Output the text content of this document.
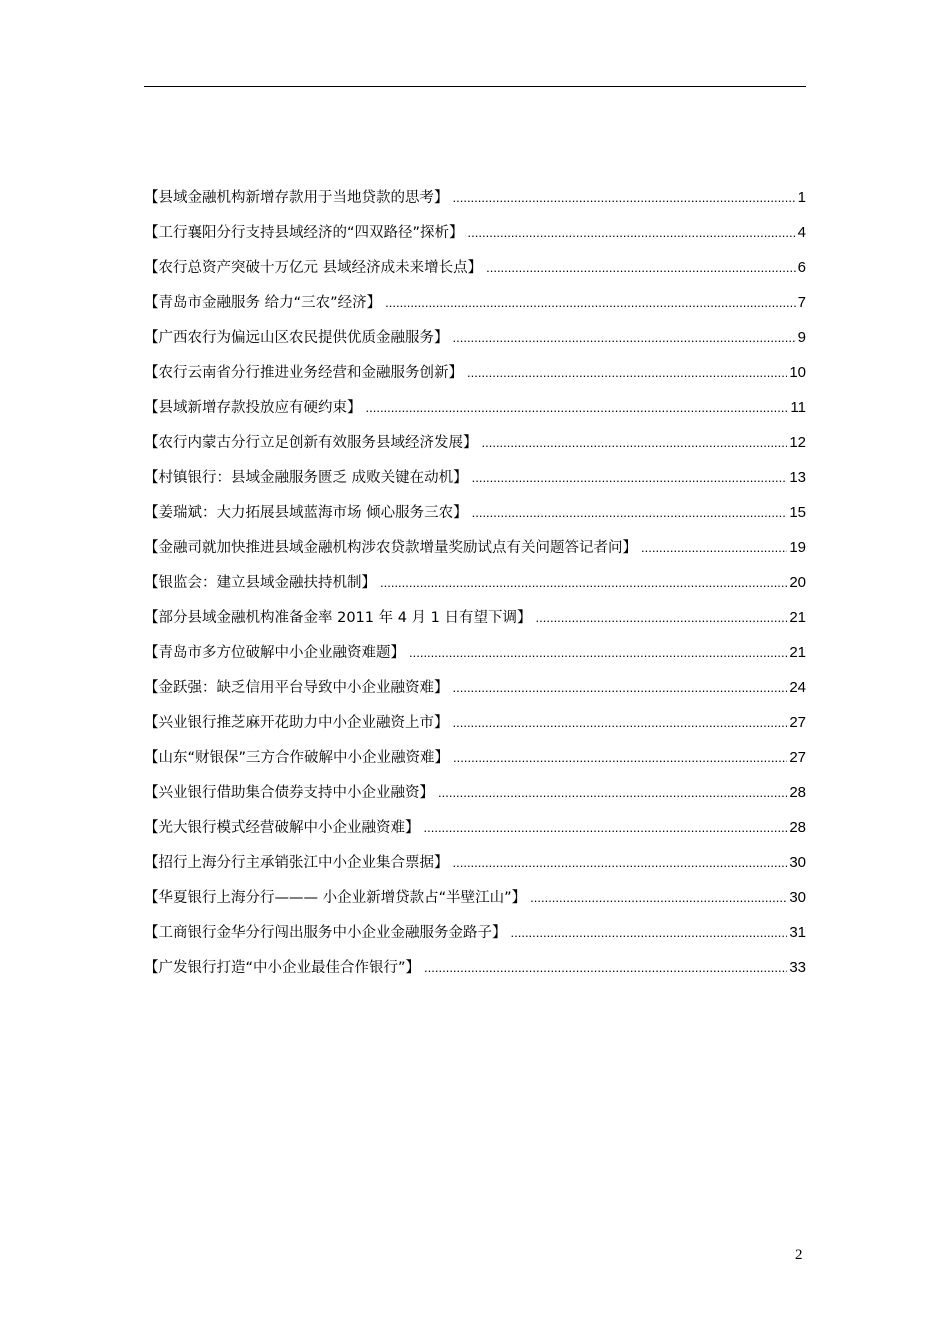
【县域金融机构新增存款用于当地贷款的思考】 .....	1
【工行襄阳分行支持县域经济的“四双路径”探析】 .....	4
【农行总资产突破十万亿元 县域经济成未来增长点】 .....	6
【青岛市金融服务 给力“三农”经济】 .....	7
【广西农行为偏远山区农民提供优质金融服务】 .....	9
【农行云南省分行推进业务经营和金融服务创新】 .....	10
【县域新增存款投放应有硬约束】 .....	11
【农行内蒙古分行立足创新有效服务县域经济发展】 .....	12
【村镇银行：县域金融服务匮乏 成败关键在动机】 .....	13
【姜瑞斌：大力拓展县域蓝海市场 倾心服务三农】 .....	15
【金融司就加快推进县域金融机构涉农贷款增量奖励试点有关问题答记者问】 .....	19
【银监会：建立县域金融扶持机制】 .....	20
【部分县域金融机构准备金率 2011 年 4 月 1 日有望下调】 .....	21
【青岛市多方位破解中小企业融资难题】 .....	21
【金跃强：缺乏信用平台导致中小企业融资难】 .....	24
【兴业银行推芝麻开花助力中小企业融资上市】 .....	27
【山东“财银保”三方合作破解中小企业融资难】 .....	27
【兴业银行借助集合债券支持中小企业融资】 .....	28
【光大银行模式经营破解中小企业融资难】 .....	28
【招行上海分行主承销张江中小企业集合票据】 .....	30
【华夏银行上海分行——— 小企业新增贷款占“半壁江山”】 .....	30
【工商银行金华分行闯出服务中小企业金融服务金路子】 .....	31
【广发银行打造“中小企业最佳合作银行”】 .....	33
2
